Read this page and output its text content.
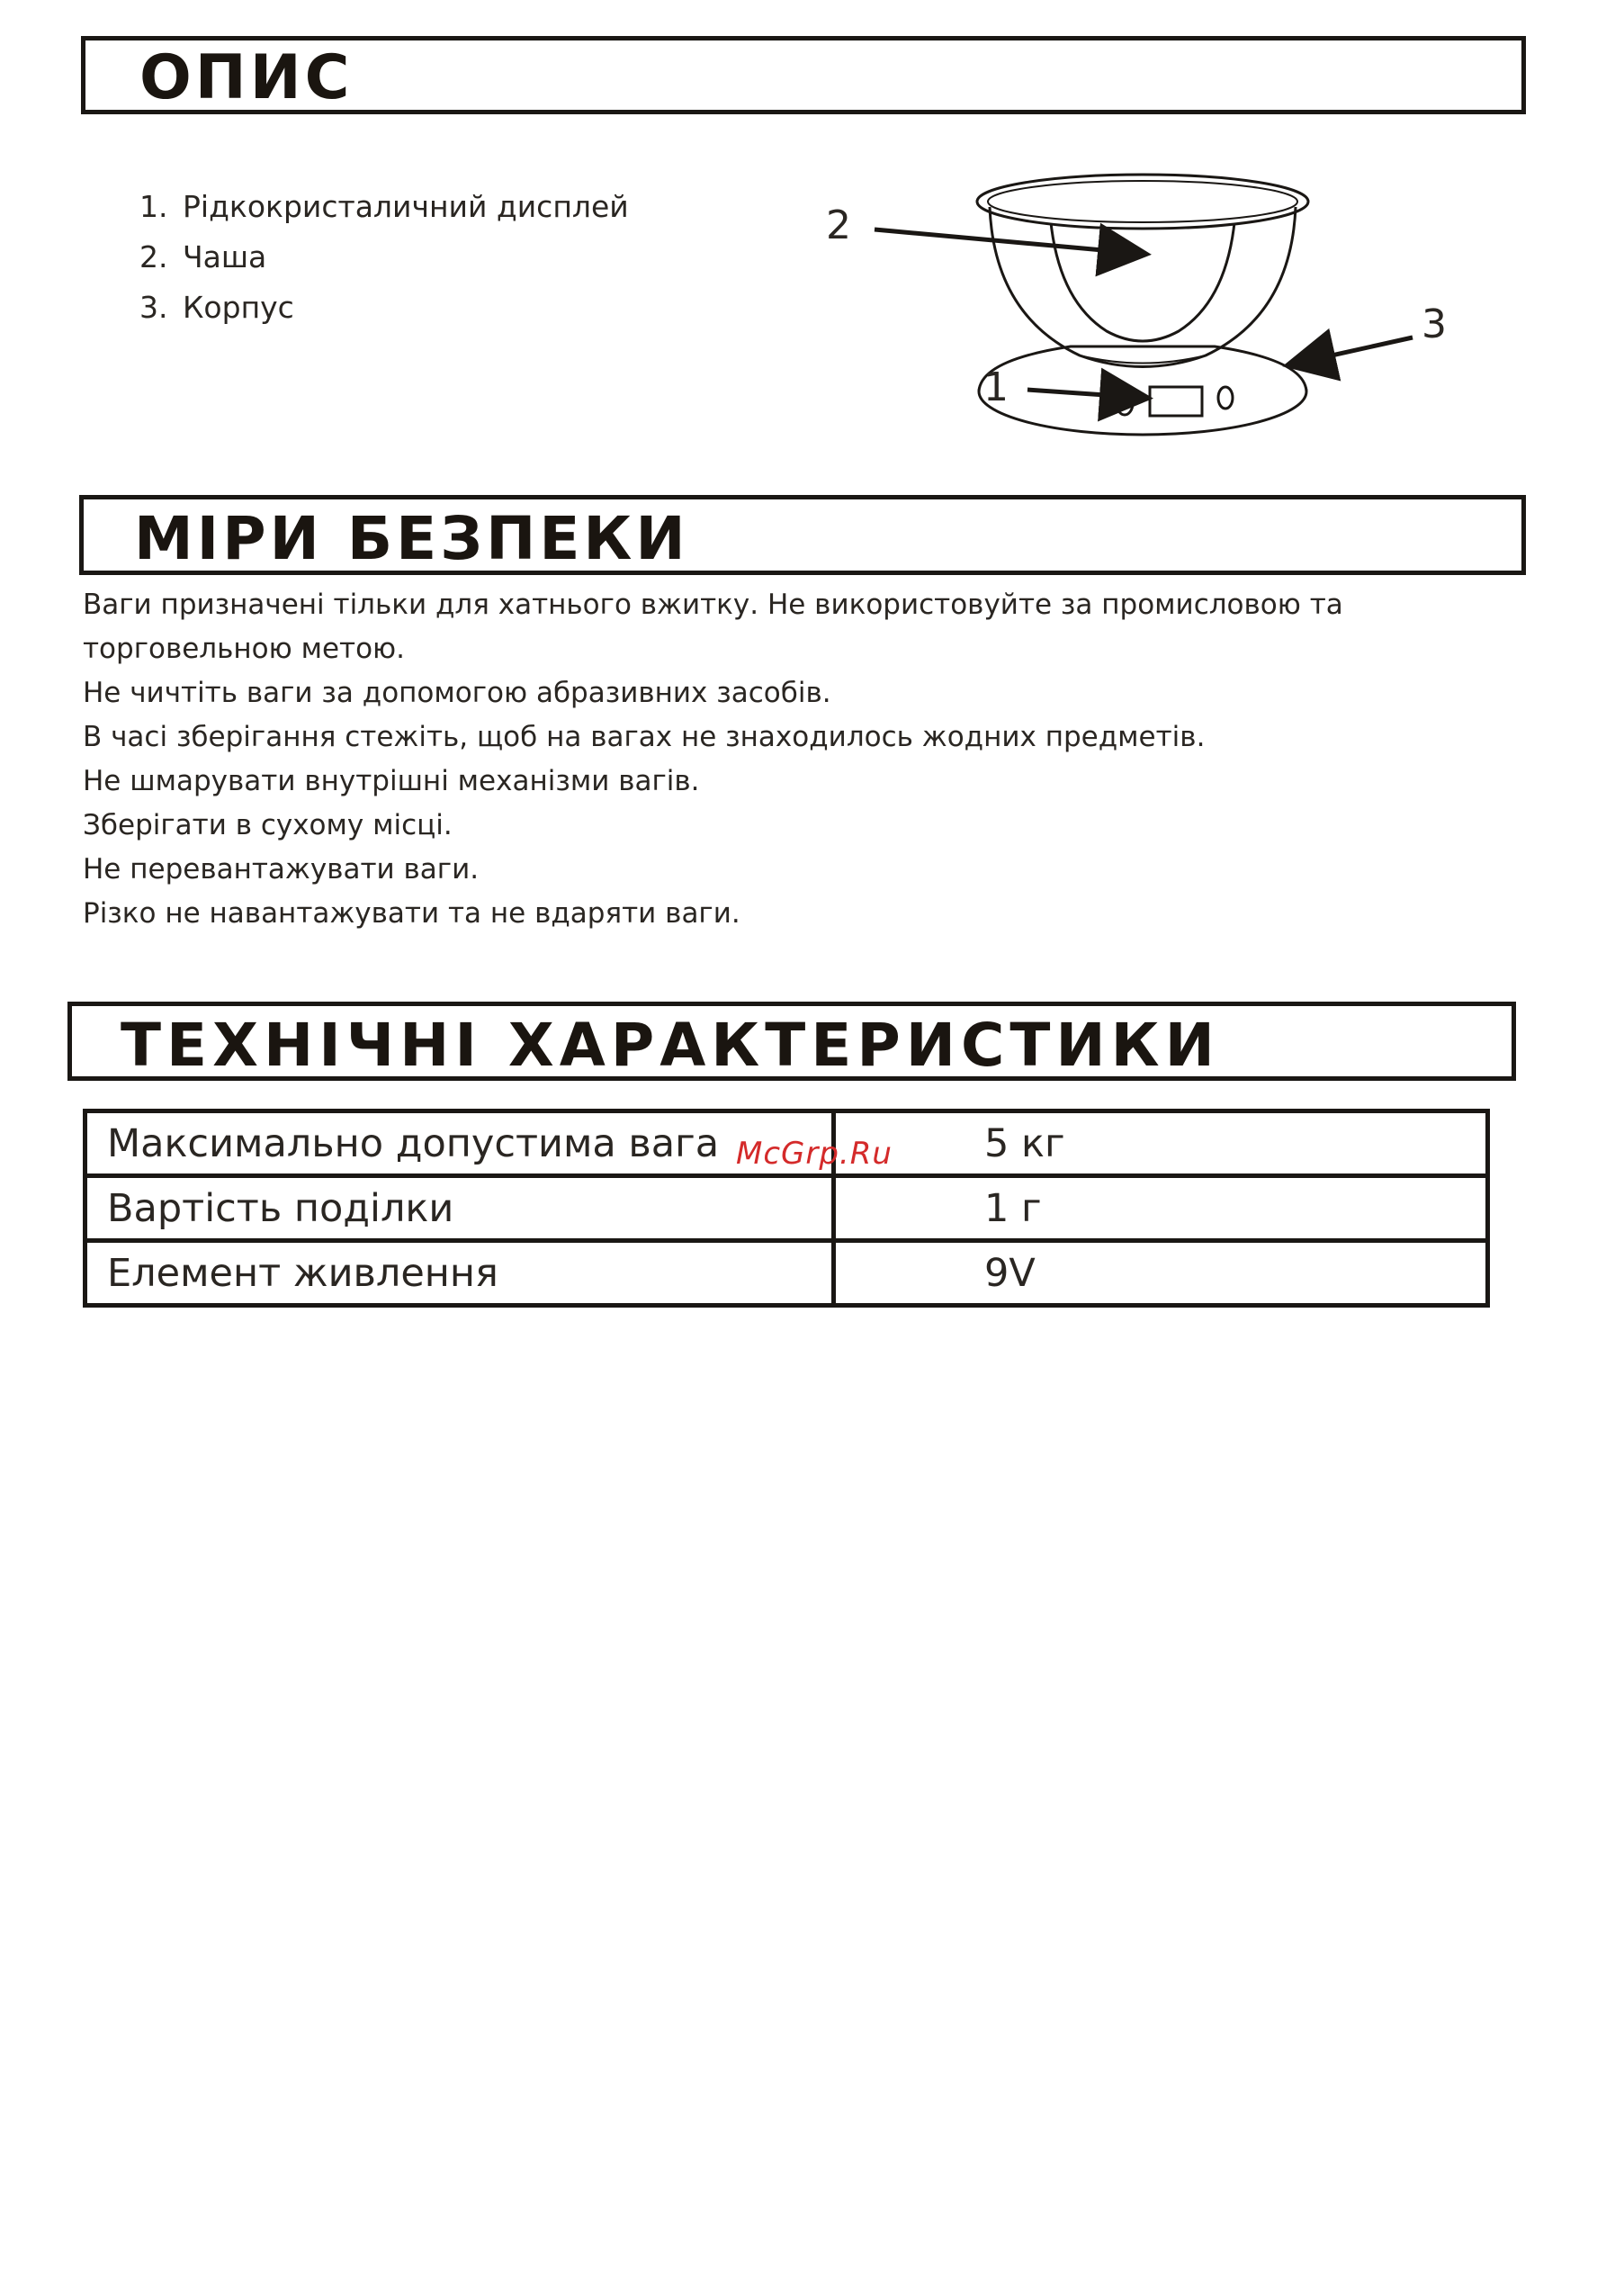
ОПИС
1. Рідкокристаличний дисплей
2. Чаша
3. Корпус
2
1
3
МІРИ БЕЗПЕКИ

Ваги призначені тільки для хатнього вжитку. Не використовуйте за промисловою та торговельною метою.

Не чичтіть ваги за допомогою абразивних засобів.

В часі зберігання стежіть, щоб на вагах не знаходилось жодних предметів.

Не шмарувати внутрішні механізми вагів.

Зберігати в сухому місці.

Не перевантажувати ваги.

Різко не навантажувати та не вдаряти ваги.

ТЕХНІЧНІ ХАРАКТЕРИСТИКИ
Максимально допустима вага	5 кг
Вартість поділки	1 г
Елемент живлення	9V
McGrp.Ru
